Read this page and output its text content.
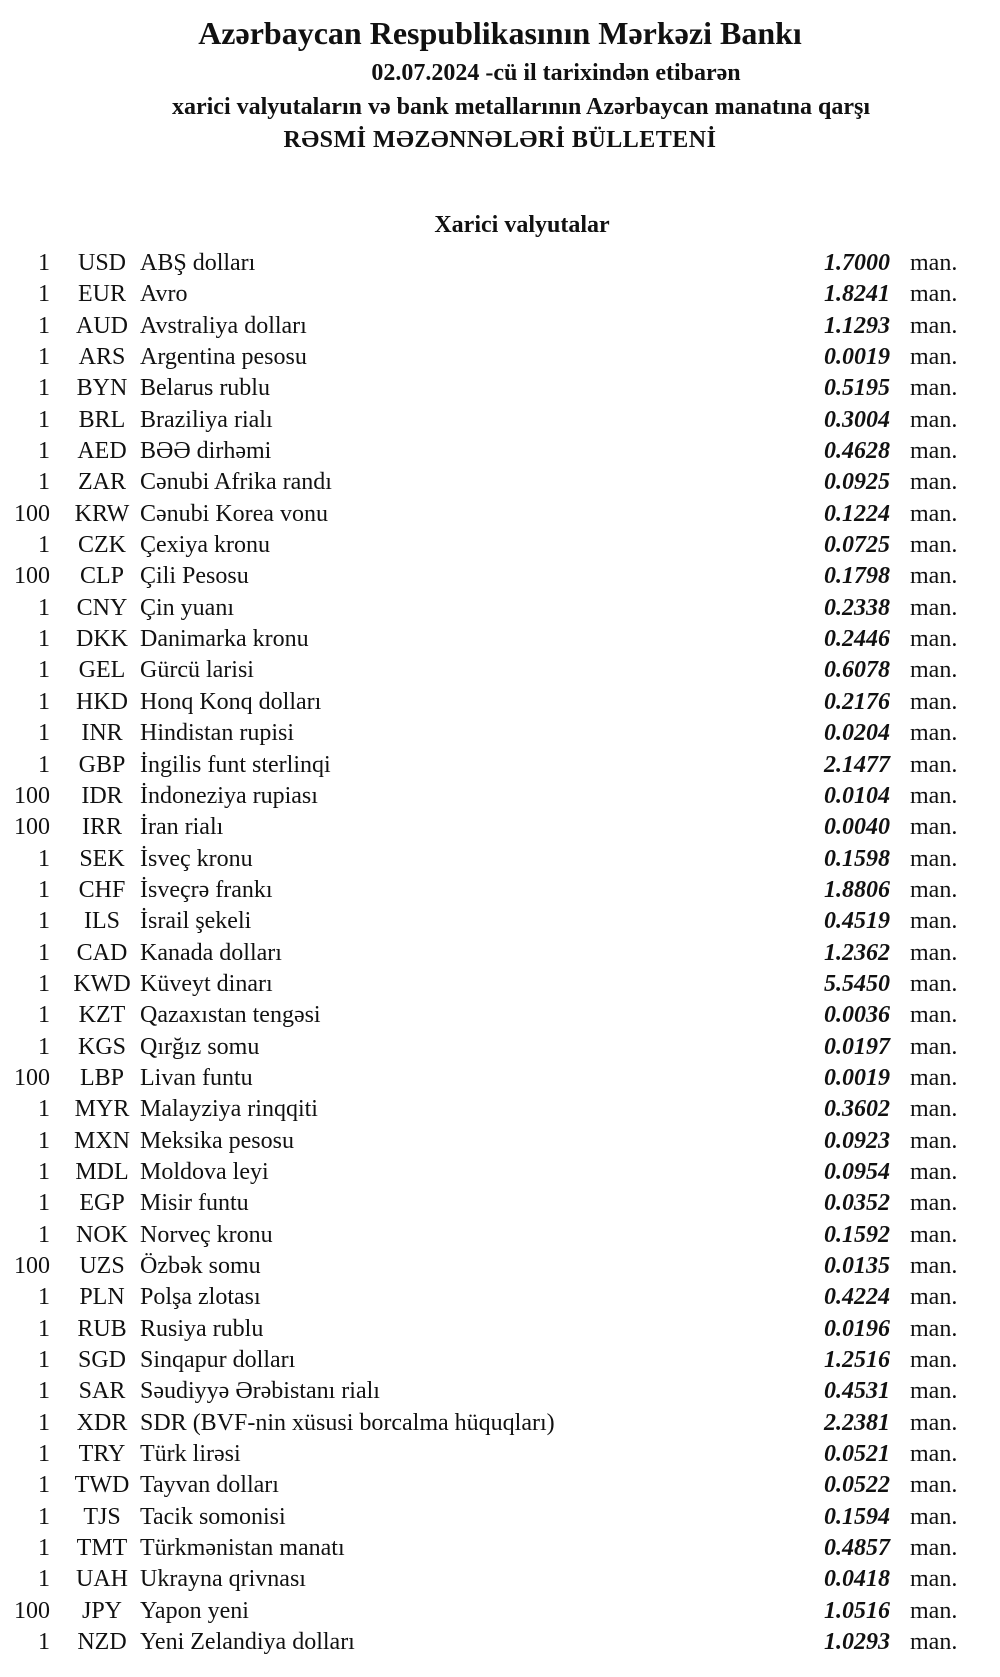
Azərbaycan Respublikasının Mərkəzi Bankı
02.07.2024 -cü il tarixindən etibarən
xarici valyutaların və bank metallarının Azərbaycan manatına qarşı
RƏSMİ MƏZƏNNƏLƏRİ BÜLLETENİ
Xarici valyutalar
1	USD ABŞ dolları	1.7000 man.
1	EUR Avro	1.8241 man.
1	AUD Avstraliya dolları	1.1293 man.
1	ARS Argentina pesosu	0.0019 man.
1	BYN Belarus rublu	0.5195 man.
1	BRL Braziliya rialı	0.3004 man.
1	AED BƏƏ dirhəmi	0.4628 man.
1	ZAR Cənubi Afrika randı	0.0925 man.
100	KRW Cənubi Korea vonu	0.1224 man.
1	CZK Çexiya kronu	0.0725 man.
100	CLP Çili Pesosu	0.1798 man.
1	CNY Çin yuanı	0.2338 man.
1	DKK Danimarka kronu	0.2446 man.
1	GEL Gürcü larisi	0.6078 man.
1	HKD Honq Konq dolları	0.2176 man.
1	INR Hindistan rupisi	0.0204 man.
1	GBP İngilis funt sterlinqi	2.1477 man.
100	IDR İndoneziya rupiası	0.0104 man.
100	IRR İran rialı	0.0040 man.
1	SEK İsveç kronu	0.1598 man.
1	CHF İsveçrə frankı	1.8806 man.
1	ILS İsrail şekeli	0.4519 man.
1	CAD Kanada dolları	1.2362 man.
1 KWD Küveyt dinarı	5.5450 man.
1	KZT Qazaxıstan tengəsi	0.0036 man.
1	KGS Qırğız somu	0.0197 man.
100	LBP Livan funtu	0.0019 man.
1	MYR Malayziya rinqqiti	0.3602 man.
1 MXN Meksika pesosu	0.0923 man.
1	MDL Moldova leyi	0.0954 man.
1	EGP Misir funtu	0.0352 man.
1	NOK Norveç kronu	0.1592 man.
100	UZS Özbək somu	0.0135 man.
1	PLN Polşa zlotası	0.4224 man.
1	RUB Rusiya rublu	0.0196 man.
1	SGD Sinqapur dolları	1.2516 man.
1	SAR Səudiyyə Ərəbistanı rialı	0.4531 man.
1	XDR SDR (BVF-nin xüsusi borcalma hüquqları)	2.2381 man.
1	TRY Türk lirəsi	0.0521 man.
1	TWD Tayvan dolları	0.0522 man.
1	TJS Tacik somonisi	0.1594 man.
1	TMT Türkmənistan manatı	0.4857 man.
1	UAH Ukrayna qrivnası	0.0418 man.
100	JPY Yapon yeni	1.0516 man.
1	NZD Yeni Zelandiya dolları	1.0293 man.
